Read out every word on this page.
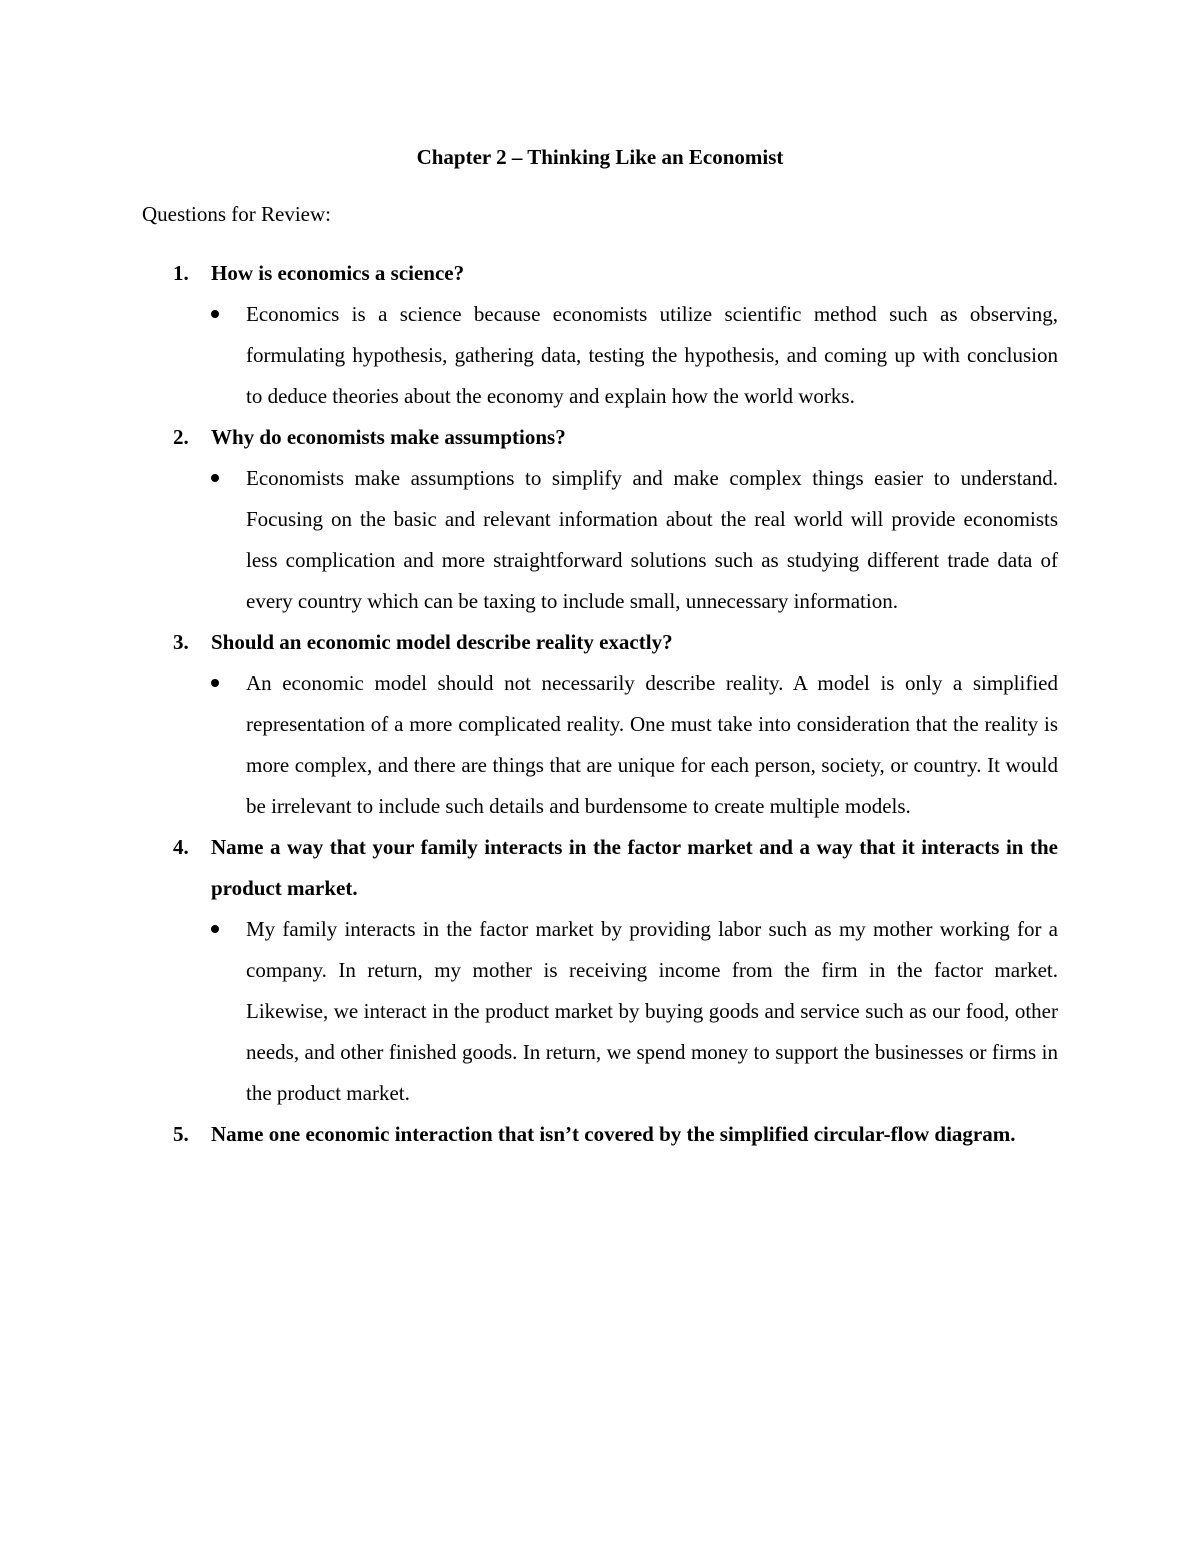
Chapter 2 – Thinking Like an Economist
Questions for Review:
1. How is economics a science?
Economics is a science because economists utilize scientific method such as observing, formulating hypothesis, gathering data, testing the hypothesis, and coming up with conclusion to deduce theories about the economy and explain how the world works.
2. Why do economists make assumptions?
Economists make assumptions to simplify and make complex things easier to understand. Focusing on the basic and relevant information about the real world will provide economists less complication and more straightforward solutions such as studying different trade data of every country which can be taxing to include small, unnecessary information.
3. Should an economic model describe reality exactly?
An economic model should not necessarily describe reality. A model is only a simplified representation of a more complicated reality. One must take into consideration that the reality is more complex, and there are things that are unique for each person, society, or country. It would be irrelevant to include such details and burdensome to create multiple models.
4. Name a way that your family interacts in the factor market and a way that it interacts in the product market.
My family interacts in the factor market by providing labor such as my mother working for a company. In return, my mother is receiving income from the firm in the factor market. Likewise, we interact in the product market by buying goods and service such as our food, other needs, and other finished goods. In return, we spend money to support the businesses or firms in the product market.
5. Name one economic interaction that isn’t covered by the simplified circular-flow diagram.
